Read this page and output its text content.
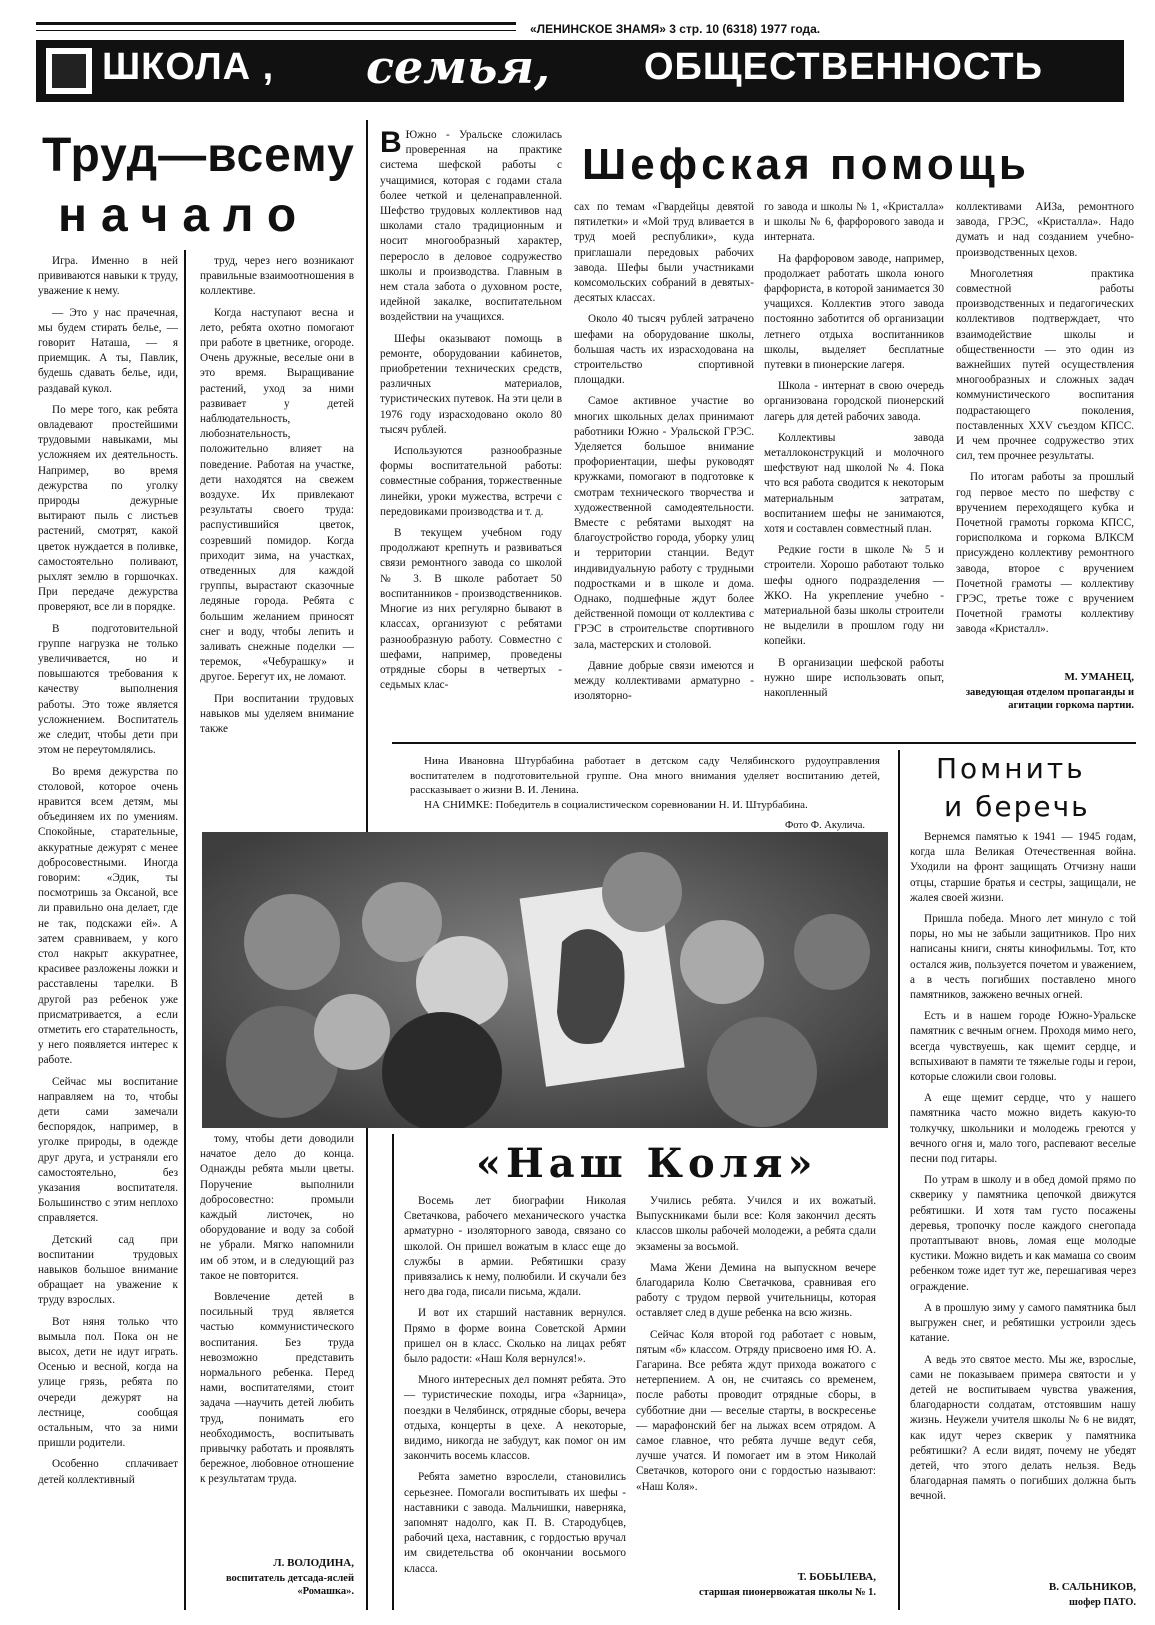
«ЛЕНИНСКОЕ ЗНАМЯ» 3 стр. 10 (6318) 1977 года.
ШКОЛА , семья, ОБЩЕСТВЕННОСТЬ
Труд—всему
начало

Игра. Именно в ней прививаются навыки к труду, уважение к нему.

— Это у нас прачечная, мы будем стирать белье, — говорит Наташа, — я приемщик. А ты, Павлик, будешь сдавать белье, иди, раздавай кукол.

По мере того, как ребята овладевают простейшими трудовыми навыками, мы усложняем их деятельность. Например, во время дежурства по уголку природы дежурные вытирают пыль с листьев растений, смотрят, какой цветок нуждается в поливке, самостоятельно поливают, рыхлят землю в горшочках. При передаче дежурства проверяют, все ли в порядке.

В подготовительной группе нагрузка не только увеличивается, но и повышаются требования к качеству выполнения работы. Это тоже является усложнением. Воспитатель же следит, чтобы дети при этом не переутомлялись.

Во время дежурства по столовой, которое очень нравится всем детям, мы объединяем их по умениям. Спокойные, старательные, аккуратные дежурят с менее добросовестными. Иногда говорим: «Эдик, ты посмотришь за Оксаной, все ли правильно она делает, где не так, подскажи ей». А затем сравниваем, у кого стол накрыт аккуратнее, красивее разложены ложки и расставлены тарелки. В другой раз ребенок уже присматривается, а если отметить его старательность, у него появляется интерес к работе.

Сейчас мы воспитание направляем на то, чтобы дети сами замечали беспорядок, например, в уголке природы, в одежде друг друга, и устраняли его самостоятельно, без указания воспитателя. Большинство с этим неплохо справляется.

Детский сад при воспитании трудовых навыков большое внимание обращает на уважение к труду взрослых.

Вот няня только что вымыла пол. Пока он не высох, дети не идут играть. Осенью и весной, когда на улице грязь, ребята по очереди дежурят на лестнице, сообщая остальным, что за ними пришли родители.

Особенно сплачивает детей коллективный

труд, через него возникают правильные взаимоотношения в коллективе.

Когда наступают весна и лето, ребята охотно помогают при работе в цветнике, огороде. Очень дружные, веселые они в это время. Выращивание растений, уход за ними развивает у детей наблюдательность, любознательность, положительно влияет на поведение. Работая на участке, дети находятся на свежем воздухе. Их привлекают результаты своего труда: распустившийся цветок, созревший помидор. Когда приходит зима, на участках, отведенных для каждой группы, вырастают сказочные ледяные города. Ребята с большим желанием приносят снег и воду, чтобы лепить и заливать снежные поделки — теремок, «Чебурашку» и другое. Берегут их, не ломают.

При воспитании трудовых навыков мы уделяем внимание также

тому, чтобы дети доводили начатое дело до конца. Однажды ребята мыли цветы. Поручение выполнили добросовестно: промыли каждый листочек, но оборудование и воду за собой не убрали. Мягко напомнили им об этом, и в следующий раз такое не повторится.

Вовлечение детей в посильный труд является частью коммунистического воспитания. Без труда невозможно представить нормального ребенка. Перед нами, воспитателями, стоит задача —научить детей любить труд, понимать его необходимость, воспитывать привычку работать и проявлять бережное, любовное отношение к результатам труда.

Л. ВОЛОДИНА,
воспитатель детсада-яслей «Ромашка».
Шефская помощь

В Южно - Уральске сложилась проверенная на практике система шефской работы с учащимися, которая с годами стала более четкой и целенаправленной. Шефство трудовых коллективов над школами стало традиционным и носит многообразный характер, переросло в деловое содружество школы и производства. Главным в нем стала забота о духовном росте, идейной закалке, воспитательном воздействии на учащихся.

Шефы оказывают помощь в ремонте, оборудовании кабинетов, приобретении технических средств, различных материалов, туристических путевок. На эти цели в 1976 году израсходовано около 80 тысяч рублей.

Используются разнообразные формы воспитательной работы: совместные собрания, торжественные линейки, уроки мужества, встречи с передовиками производства и т. д.

В текущем учебном году продолжают крепнуть и развиваться связи ремонтного завода со школой № 3. В школе работает 50 воспитанников - производственников. Многие из них регулярно бывают в классах, организуют с ребятами разнообразную работу. Совместно с шефами, например, проведены отрядные сборы в четвертых - седьмых клас-

сах по темам «Гвардейцы девятой пятилетки» и «Мой труд вливается в труд моей республики», куда приглашали передовых рабочих завода. Шефы были участниками комсомольских собраний в девятых-десятых классах.

Около 40 тысяч рублей затрачено шефами на оборудование школы, большая часть их израсходована на строительство спортивной площадки.

Самое активное участие во многих школьных делах принимают работники Южно - Уральской ГРЭС. Уделяется большое внимание профориентации, шефы руководят кружками, помогают в подготовке к смотрам технического творчества и художественной самодеятельности. Вместе с ребятами выходят на благоустройство города, уборку улиц и территории станции. Ведут индивидуальную работу с трудными подростками и в школе и дома. Однако, подшефные ждут более действенной помощи от коллектива с ГРЭС в строительстве спортивного зала, мастерских и столовой.

Давние добрые связи имеются и между коллективами арматурно - изоляторно-

го завода и школы № 1, «Кристалла» и школы № 6, фарфорового завода и интерната.

На фарфоровом заводе, например, продолжает работать школа юного фарфориста, в которой занимается 30 учащихся. Коллектив этого завода постоянно заботится об организации летнего отдыха воспитанников школы, выделяет бесплатные путевки в пионерские лагеря.

Школа - интернат в свою очередь организована городской пионерский лагерь для детей рабочих завода.

Коллективы завода металлоконструкций и молочного шефствуют над школой № 4. Пока что вся работа сводится к некоторым материальным затратам, воспитанием шефы не занимаются, хотя и составлен совместный план.

Редкие гости в школе № 5 и строители. Хорошо работают только шефы одного подразделения — ЖКО. На укрепление учебно - материальной базы школы строители не выделили в прошлом году ни копейки.

В организации шефской работы нужно шире использовать опыт, накопленный

коллективами АИЗа, ремонтного завода, ГРЭС, «Кристалла». Надо думать и над созданием учебно-производственных цехов.

Многолетняя практика совместной работы производственных и педагогических коллективов подтверждает, что взаимодействие школы и общественности — это один из важнейших путей осуществления многообразных и сложных задач коммунистического воспитания подрастающего поколения, поставленных XXV съездом КПСС. И чем прочнее содружество этих сил, тем прочнее результаты.

По итогам работы за прошлый год первое место по шефству с вручением переходящего кубка и Почетной грамоты горкома КПСС, горисполкома и горкома ВЛКСМ присуждено коллективу ремонтного завода, второе с вручением Почетной грамоты — коллективу ГРЭС, третье тоже с вручением Почетной грамоты коллективу завода «Кристалл».

М. УМАНЕЦ,
заведующая отделом пропаганды и агитации горкома партии.
Нина Ивановна Штурбабина работает в детском саду Челябинского рудоуправления воспитателем в подготовительной группе. Она много внимания уделяет воспитанию детей, рассказывает о жизни В. И. Ленина.
НА СНИМКЕ: Победитель в социалистическом соревновании Н. И. Штурбабина.
Фото Ф. Акулича.
«Наш Коля»

Восемь лет биографии Николая Светачкова, рабочего механического участка арматурно - изоляторного завода, связано со школой. Он пришел вожатым в класс еще до службы в армии. Ребятишки сразу привязались к нему, полюбили. И скучали без него два года, писали письма, ждали.

И вот их старший наставник вернулся. Прямо в форме воина Советской Армии пришел он в класс. Сколько на лицах ребят было радости: «Наш Коля вернулся!».

Много интересных дел помнят ребята. Это — туристические походы, игра «Зарница», поездки в Челябинск, отрядные сборы, вечера отдыха, концерты в цехе. А некоторые, видимо, никогда не забудут, как помог он им закончить восемь классов.

Ребята заметно взрослели, становились серьезнее. Помогали воспитывать их шефы - наставники с завода. Мальчишки, наверняка, запомнят надолго, как П. В. Стародубцев, рабочий цеха, наставник, с гордостью вручал им свидетельства об окончании восьмого класса.

Учились ребята. Учился и их вожатый. Выпускниками были все: Коля закончил десять классов школы рабочей молодежи, а ребята сдали экзамены за восьмой.

Мама Жени Демина на выпускном вечере благодарила Колю Светачкова, сравнивая его работу с трудом первой учительницы, которая оставляет след в душе ребенка на всю жизнь.

Сейчас Коля второй год работает с новым, пятым «б» классом. Отряду присвоено имя Ю. А. Гагарина. Все ребята ждут прихода вожатого с нетерпением. А он, не считаясь со временем, после работы проводит отрядные сборы, в субботние дни — веселые старты, в воскресенье — марафонский бег на лыжах всем отрядом. А самое главное, что ребята лучше ведут себя, лучше учатся. И помогает им в этом Николай Светачков, которого они с гордостью называют: «Наш Коля».

Т. БОБЫЛЕВА,
старшая пионервожатая школы № 1.
Помнить
и беречь

Вернемся памятью к 1941 — 1945 годам, когда шла Великая Отечественная война. Уходили на фронт защищать Отчизну наши отцы, старшие братья и сестры, защищали, не жалея своей жизни.

Пришла победа. Много лет минуло с той поры, но мы не забыли защитников. Про них написаны книги, сняты кинофильмы. Тот, кто остался жив, пользуется почетом и уважением, а в честь погибших поставлено много памятников, зажжено вечных огней.

Есть и в нашем городе Южно-Уральске памятник с вечным огнем. Проходя мимо него, всегда чувствуешь, как щемит сердце, и вспыхивают в памяти те тяжелые годы и герои, которые сложили свои головы.

А еще щемит сердце, что у нашего памятника часто можно видеть какую-то толкучку, школьники и молодежь греются у вечного огня и, мало того, распевают веселые песни под гитары.

По утрам в школу и в обед домой прямо по скверику у памятника цепочкой движутся ребятишки. И хотя там густо посажены деревья, тропочку после каждого снегопада протаптывают вновь, ломая еще молодые кустики. Можно видеть и как мамаша со своим ребенком тоже идет тут же, перешагивая через ограждение.

А в прошлую зиму у самого памятника был выгружен снег, и ребятишки устроили здесь катание.

А ведь это святое место. Мы же, взрослые, сами не показываем примера святости и у детей не воспитываем чувства уважения, благодарности солдатам, отстоявшим нашу жизнь. Неужели учителя школы № 6 не видят, как идут через скверик у памятника ребятишки? А если видят, почему не убедят детей, что этого делать нельзя. Ведь благодарная память о погибших должна быть вечной.

В. САЛЬНИКОВ,
шофер ПАТО.
